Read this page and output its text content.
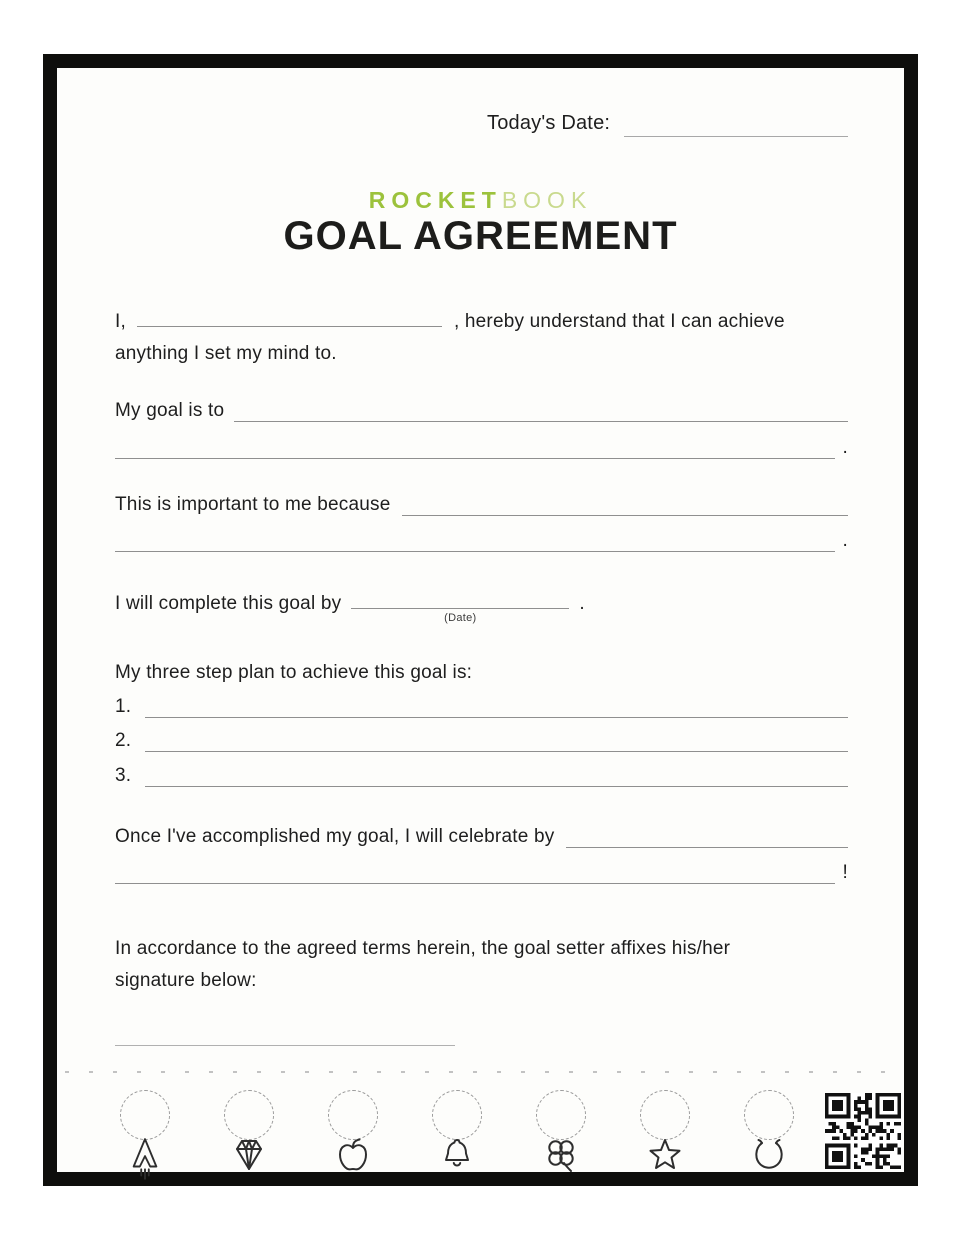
Today's Date:
ROCKETBOOK
GOAL AGREEMENT
I,	, hereby understand that I can achieve
anything I set my mind to.
My goal is to
.
This is important to me because
.
I will complete this goal by
(Date)
.
My three step plan to achieve this goal is:
1.
2.
3.
Once I've accomplished my goal, I will celebrate by
!
In accordance to the agreed terms herein, the goal setter affixes his/her
signature below:
